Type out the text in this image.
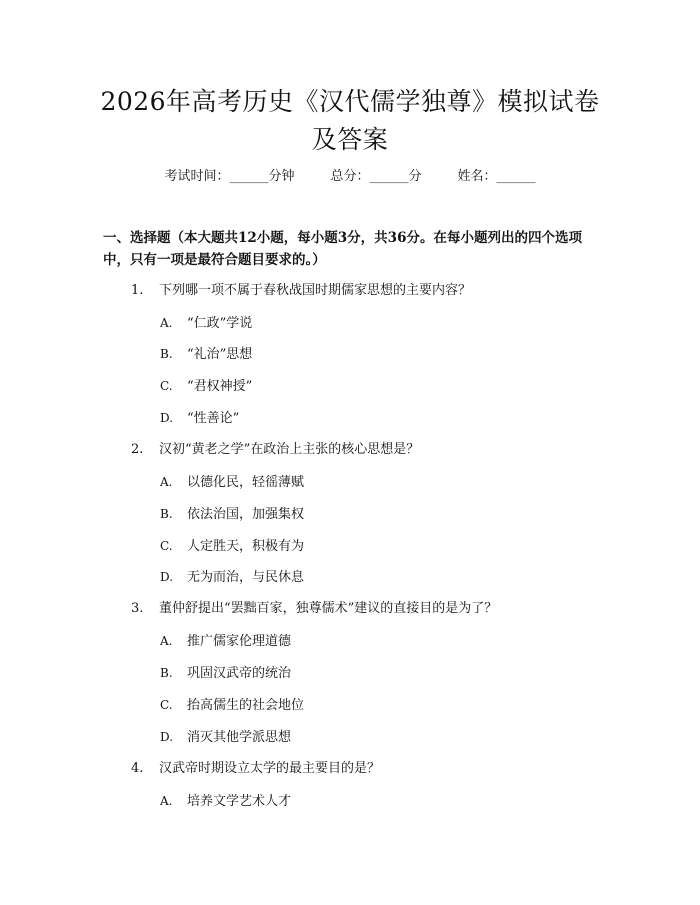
2026年高考历史《汉代儒学独尊》模拟试卷
及答案
考试时间：______分钟	总分：______分	姓名：______
一、选择题（本大题共12小题，每小题3分，共36分。在每小题列出的四个选项中，只有一项是最符合题目要求的。）
1. 下列哪一项不属于春秋战国时期儒家思想的主要内容？
A. “仁政”学说
B. “礼治”思想
C. “君权神授”
D. “性善论”
2. 汉初“黄老之学”在政治上主张的核心思想是？
A. 以德化民，轻徭薄赋
B. 依法治国，加强集权
C. 人定胜天，积极有为
D. 无为而治，与民休息
3. 董仲舒提出“罢黜百家，独尊儒术”建议的直接目的是为了？
A. 推广儒家伦理道德
B. 巩固汉武帝的统治
C. 抬高儒生的社会地位
D. 消灭其他学派思想
4. 汉武帝时期设立太学的最主要目的是？
A. 培养文学艺术人才
